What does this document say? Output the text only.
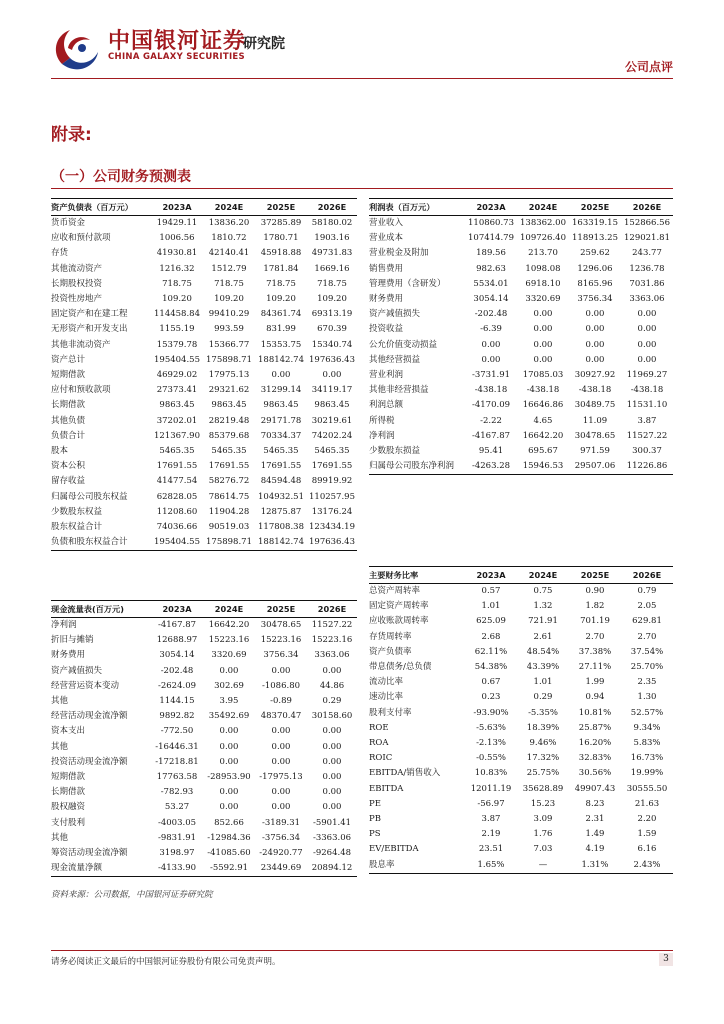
中国银河证券
研究院
CHINA GALAXY SECURITIES
公司点评
附录:
（一）公司财务预测表
资产负债表（百万元）	2023A	2024E	2025E	2026E
货币资金	19429.11	13836.20	37285.89	58180.02
应收和预付款项	1006.56	1810.72	1780.71	1903.16
存货	41930.81	42140.41	45918.88	49731.83
其他流动资产	1216.32	1512.79	1781.84	1669.16
长期股权投资	718.75	718.75	718.75	718.75
投资性房地产	109.20	109.20	109.20	109.20
固定资产和在建工程	114458.84	99410.29	84361.74	69313.19
无形资产和开发支出	1155.19	993.59	831.99	670.39
其他非流动资产	15379.78	15366.77	15353.75	15340.74
资产总计	195404.55	175898.71	188142.74	197636.43
短期借款	46929.02	17975.13	0.00	0.00
应付和预收款项	27373.41	29321.62	31299.14	34119.17
长期借款	9863.45	9863.45	9863.45	9863.45
其他负债	37202.01	28219.48	29171.78	30219.61
负债合计	121367.90	85379.68	70334.37	74202.24
股本	5465.35	5465.35	5465.35	5465.35
资本公积	17691.55	17691.55	17691.55	17691.55
留存收益	41477.54	58276.72	84594.48	89919.92
归属母公司股东权益	62828.05	78614.75	104932.51	110257.95
少数股东权益	11208.60	11904.28	12875.87	13176.24
股东权益合计	74036.66	90519.03	117808.38	123434.19
负债和股东权益合计	195404.55	175898.71	188142.74	197636.43
利润表（百万元）	2023A	2024E	2025E	2026E
营业收入	110860.73	138362.00	163319.15	152866.56
营业成本	107414.79	109726.40	118913.25	129021.81
营业税金及附加	189.56	213.70	259.62	243.77
销售费用	982.63	1098.08	1296.06	1236.78
管理费用（含研发）	5534.01	6918.10	8165.96	7031.86
财务费用	3054.14	3320.69	3756.34	3363.06
资产减值损失	-202.48	0.00	0.00	0.00
投资收益	-6.39	0.00	0.00	0.00
公允价值变动损益	0.00	0.00	0.00	0.00
其他经营损益	0.00	0.00	0.00	0.00
营业利润	-3731.91	17085.03	30927.92	11969.27
其他非经营损益	-438.18	-438.18	-438.18	-438.18
利润总额	-4170.09	16646.86	30489.75	11531.10
所得税	-2.22	4.65	11.09	3.87
净利润	-4167.87	16642.20	30478.65	11527.22
少数股东损益	95.41	695.67	971.59	300.37
归属母公司股东净利润	-4263.28	15946.53	29507.06	11226.86
现金流量表(百万元)	2023A	2024E	2025E	2026E
净利润	-4167.87	16642.20	30478.65	11527.22
折旧与摊销	12688.97	15223.16	15223.16	15223.16
财务费用	3054.14	3320.69	3756.34	3363.06
资产减值损失	-202.48	0.00	0.00	0.00
经营营运资本变动	-2624.09	302.69	-1086.80	44.86
其他	1144.15	3.95	-0.89	0.29
经营活动现金流净额	9892.82	35492.69	48370.47	30158.60
资本支出	-772.50	0.00	0.00	0.00
其他	-16446.31	0.00	0.00	0.00
投资活动现金流净额	-17218.81	0.00	0.00	0.00
短期借款	17763.58	-28953.90	-17975.13	0.00
长期借款	-782.93	0.00	0.00	0.00
股权融资	53.27	0.00	0.00	0.00
支付股利	-4003.05	852.66	-3189.31	-5901.41
其他	-9831.91	-12984.36	-3756.34	-3363.06
筹资活动现金流净额	3198.97	-41085.60	-24920.77	-9264.48
现金流量净额	-4133.90	-5592.91	23449.69	20894.12
主要财务比率	2023A	2024E	2025E	2026E
总资产周转率	0.57	0.75	0.90	0.79
固定资产周转率	1.01	1.32	1.82	2.05
应收账款周转率	625.09	721.91	701.19	629.81
存货周转率	2.68	2.61	2.70	2.70
资产负债率	62.11%	48.54%	37.38%	37.54%
带息债务/总负债	54.38%	43.39%	27.11%	25.70%
流动比率	0.67	1.01	1.99	2.35
速动比率	0.23	0.29	0.94	1.30
股利支付率	-93.90%	-5.35%	10.81%	52.57%
ROE	-5.63%	18.39%	25.87%	9.34%
ROA	-2.13%	9.46%	16.20%	5.83%
ROIC	-0.55%	17.32%	32.83%	16.73%
EBITDA/销售收入	10.83%	25.75%	30.56%	19.99%
EBITDA	12011.19	35628.89	49907.43	30555.50
PE	-56.97	15.23	8.23	21.63
PB	3.87	3.09	2.31	2.20
PS	2.19	1.76	1.49	1.59
EV/EBITDA	23.51	7.03	4.19	6.16
股息率	1.65%	—	1.31%	2.43%
资料来源：公司数据，中国银河证券研究院
请务必阅读正文最后的中国银河证券股份有限公司免责声明。	3
